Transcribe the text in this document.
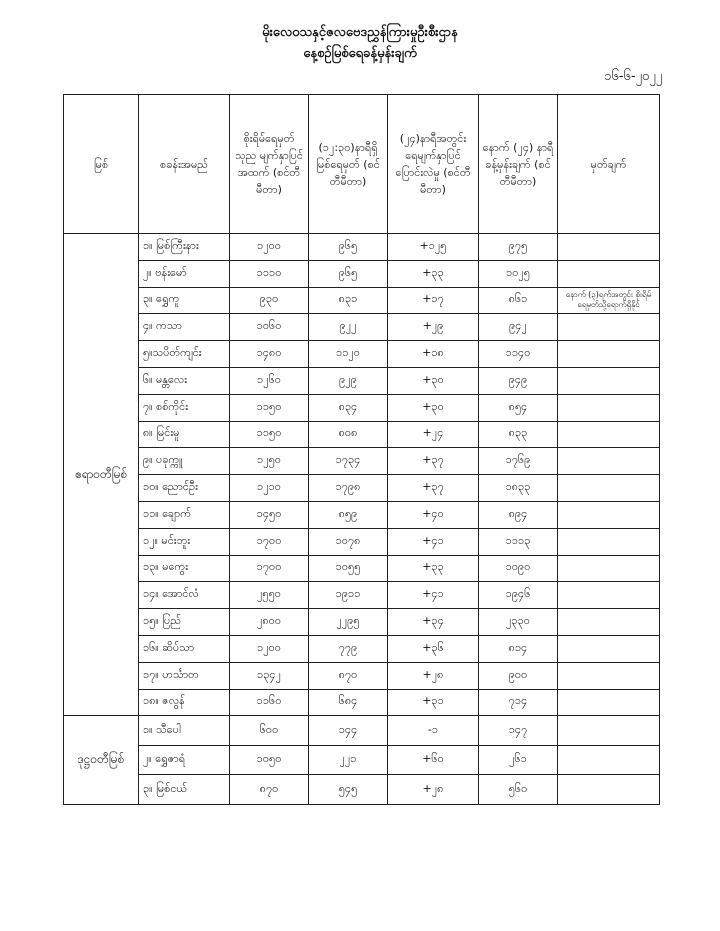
မိုးလေဝသနှင့်ဇလဗေဒညွှန်ကြားမှုဦးစီးဌာန
နေ့စဉ်မြစ်ရေခန့်မှန်းချက်
၁၆-၆-၂၀၂၂
မြစ်	စခန်းအမည်	စိုးရိမ်ရေမှတ် သုည မျက်နှာပြင် အထက် (စင်တီမီတာ)	(၁၂:၃၀)နာရီရှိ မြစ်ရေမှတ် (စင်တီမီတာ)	(၂၄)နာရီအတွင်း ရေမျက်နှာပြင် ပြောင်းလဲမှု (စင်တီမီတာ)	နောက် (၂၄) နာရီ ခန့်မှန်းချက် (စင်တီမီတာ)	မှတ်ချက်
ဧရာဝတီမြစ်	၁။ မြစ်ကြီးနား	၁၂၀၀	၉၆၅	+၁၂၅	၉၇၅	
	၂။ ဗန်းမော်	၁၁၁၀	၉၆၅	+၃၃	၁၀၂၅	
	၃။ ရွှေကူ	၉၃၀	၈၃၁	+၁၇	၈၆၁	နောက် (၃)ရက်အတွင်း စိုးရိမ်ရေမှတ်သို့ရောက်ရှိနိုင်
	၄။ ကသာ	၁၀၆၀	၉၂၂	+၂၉	၉၄၂	
	၅။သပိတ်ကျင်း	၁၄၈၀	၁၁၂၀	+၁၈	၁၁၄၀	
	၆။ မန္တလေး	၁၂၆၀	၉၂၉	+၃၀	၉၄၉	
	၇။ စစ်ကိုင်း	၁၁၅၀	၈၃၄	+၃၀	၈၅၄	
	၈။ မြင်းမူ	၁၁၅၀	၈၀၈	+၂၄	၈၃၃	
	၉။ ပခုက္ကူ	၁၂၅၀	၁၇၃၄	+၃၇	၁၇၆၉	
	၁၀။ ညောင်ဦး	၁၂၁၀	၁၇၉၈	+၃၇	၁၈၃၃	
	၁၁။ ချောက်	၁၄၅၀	၈၅၉	+၄၀	၈၉၄	
	၁၂။ မင်းဘူး	၁၇၀၀	၁၀၇၈	+၄၁	၁၁၁၃	
	၁၃။ မကွေး	၁၇၀၀	၁၀၅၅	+၃၃	၁၀၉၀	
	၁၄။ အောင်လံ	၂၅၅၀	၁၉၁၁	+၄၁	၁၉၄၆	
	၁၅။ ပြည်	၂၈၀၀	၂၂၉၅	+၃၄	၂၃၃၀	
	၁၆။ ဆိပ်သာ	၁၂၀၀	၇၇၉	+၃၆	၈၁၄	
	၁၇။ ဟင်္သာတ	၁၃၄၂	၈၇၀	+၂၈	၉၀၀	
	၁၈။ ဇလွန်	၁၁၆၀	၆၈၄	+၃၁	၇၁၄	
ဒုဋ္ဌဝတီမြစ်	၁။ သီပေါ	၆၀၀	၁၄၄	-၁	၁၄၇	
	၂။ ရွှေဇာရံ	၁၀၅၀	၂၂၁	+၆၀	၂၆၁	
	၃။ မြစ်ငယ်	၈၇၀	၅၄၅	+၂၈	၅၆၀	
